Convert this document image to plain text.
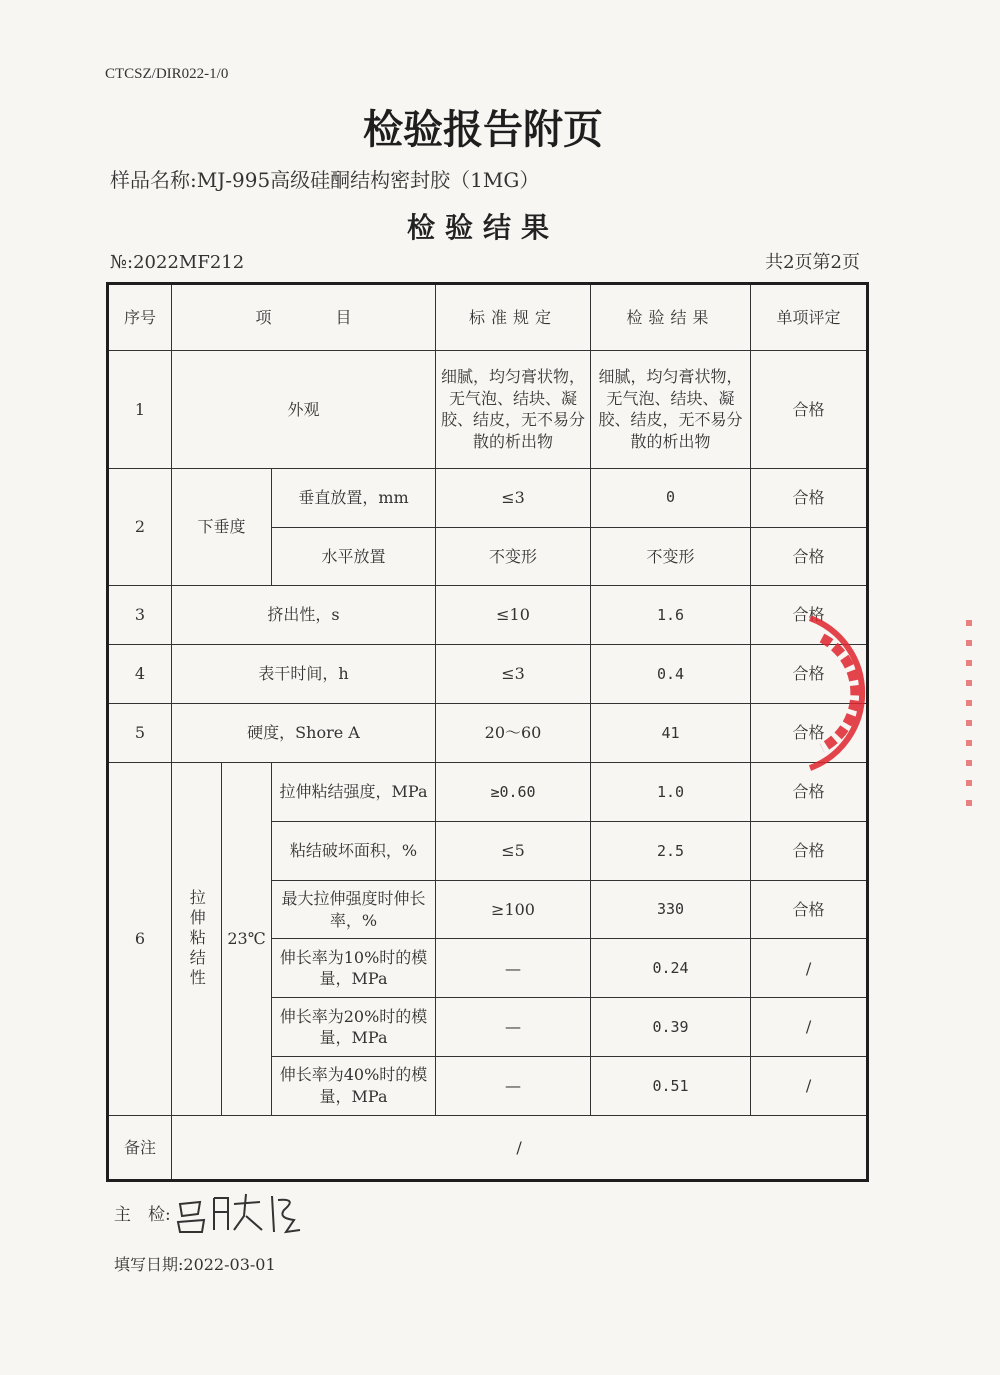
CTCSZ/DIR022-1/0
检验报告附页
样品名称:MJ-995高级硅酮结构密封胶（1MG）
检验结果
№:2022MF212	共2页第2页
序号	项　　　　目			标准规定	检验结果	单项评定
1	外观			细腻，均匀膏状物，无气泡、结块、凝胶、结皮，无不易分散的析出物	细腻，均匀膏状物，无气泡、结块、凝胶、结皮，无不易分散的析出物	合格
2	下垂度		垂直放置，mm	≤3	0	合格
			水平放置	不变形	不变形	合格
3	挤出性，s			≤10	1.6	合格
4	表干时间，h			≤3	0.4	合格
5	硬度，Shore A			20～60	41	合格
6	拉伸粘结性	23℃	拉伸粘结强度，MPa	≥0.60	1.0	合格
			粘结破坏面积，%	≤5	2.5	合格
			最大拉伸强度时伸长率，%	≥100	330	合格
			伸长率为10%时的模量，MPa	—	0.24	/
			伸长率为20%时的模量，MPa	—	0.39	/
			伸长率为40%时的模量，MPa	—	0.51	/
备注	/					
主　检:
填写日期:2022-03-01
